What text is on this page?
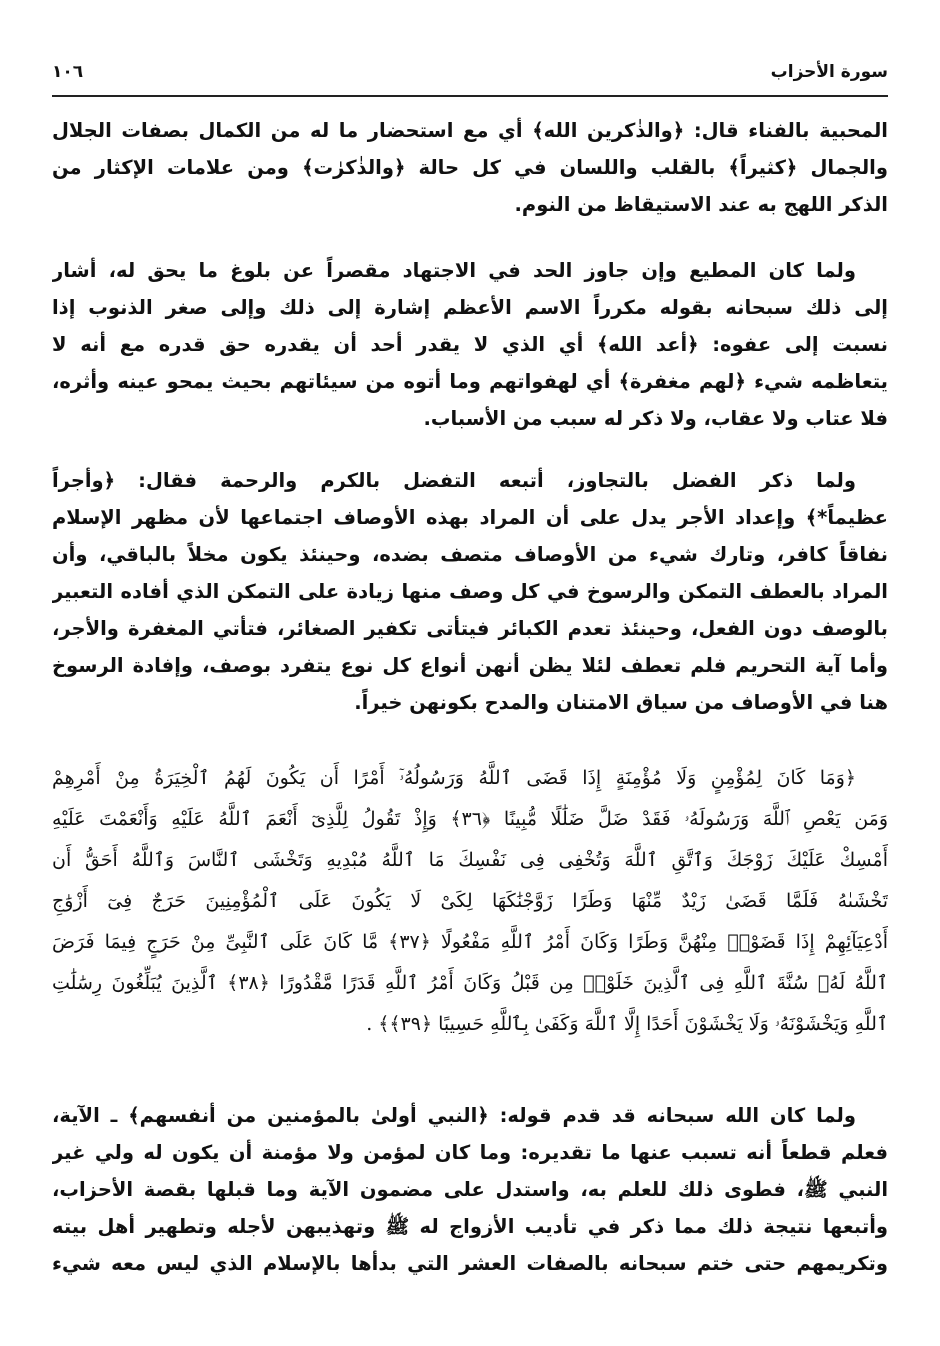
سورة الأحزاب
١٠٦
المحبية بالفناء قال: ﴿والذٰكرين الله﴾ أي مع استحضار ما له من الكمال بصفات الجلال
والجمال ﴿كثيراً﴾ بالقلب واللسان في كل حالة ﴿والذٰكرٰت﴾ ومن علامات الإكثار من
الذكر اللهج به عند الاستيقاظ من النوم.
ولما كان المطيع وإن جاوز الحد في الاجتهاد مقصراً عن بلوغ ما يحق له، أشار
إلى ذلك سبحانه بقوله مكرراً الاسم الأعظم إشارة إلى ذلك وإلى صغر الذنوب إذا
نسبت إلى عفوه: ﴿أعد الله﴾ أي الذي لا يقدر أحد أن يقدره حق قدره مع أنه لا
يتعاظمه شيء ﴿لهم مغفرة﴾ أي لهفواتهم وما أتوه من سيئاتهم بحيث يمحو عينه وأثره،
فلا عتاب ولا عقاب، ولا ذكر له سبب من الأسباب.
ولما ذكر الفضل بالتجاوز، أتبعه التفضل بالكرم والرحمة فقال: ﴿وأجراً
عظيماً*﴾ وإعداد الأجر يدل على أن المراد بهذه الأوصاف اجتماعها لأن مظهر الإسلام
نفاقاً كافر، وتارك شيء من الأوصاف متصف بضده، وحينئذ يكون مخلاً بالباقي، وأن
المراد بالعطف التمكن والرسوخ في كل وصف منها زيادة على التمكن الذي أفاده التعبير
بالوصف دون الفعل، وحينئذ تعدم الكبائر فيتأتى تكفير الصغائر، فتأتي المغفرة والأجر،
وأما آية التحريم فلم تعطف لئلا يظن أنهن أنواع كل نوع يتفرد بوصف، وإفادة الرسوخ
هنا في الأوصاف من سياق الامتنان والمدح بكونهن خيراً.
﴿وَمَا كَانَ لِمُؤْمِنٍ وَلَا مُؤْمِنَةٍ إِذَا قَضَى ٱللَّهُ وَرَسُولُهُۥٓ أَمْرًا أَن يَكُونَ لَهُمُ ٱلْخِيَرَةُ مِنْ أَمْرِهِمْ
وَمَن يَعْصِ ٱللَّهَ وَرَسُولَهُۥ فَقَدْ ضَلَّ ضَلَٰلًا مُّبِينًا ﴿٣٦﴾ وَإِذْ تَقُولُ لِلَّذِىٓ أَنْعَمَ ٱللَّهُ عَلَيْهِ وَأَنْعَمْتَ عَلَيْهِ
أَمْسِكْ عَلَيْكَ زَوْجَكَ وَٱتَّقِ ٱللَّهَ وَتُخْفِى فِى نَفْسِكَ مَا ٱللَّهُ مُبْدِيهِ وَتَخْشَى ٱلنَّاسَ وَٱللَّهُ أَحَقُّ أَن
تَخْشَىٰهُ فَلَمَّا قَضَىٰ زَيْدٌ مِّنْهَا وَطَرًا زَوَّجْنَٰكَهَا لِكَىْ لَا يَكُونَ عَلَى ٱلْمُؤْمِنِينَ حَرَجٌ فِىٓ أَزْوَٰجِ
أَدْعِيَآئِهِمْ إِذَا قَضَوْا۟ مِنْهُنَّ وَطَرًا وَكَانَ أَمْرُ ٱللَّهِ مَفْعُولًا ﴿٣٧﴾ مَّا كَانَ عَلَى ٱلنَّبِىِّ مِنْ حَرَجٍ فِيمَا فَرَضَ
ٱللَّهُ لَهُۥ سُنَّةَ ٱللَّهِ فِى ٱلَّذِينَ خَلَوْا۟ مِن قَبْلُ وَكَانَ أَمْرُ ٱللَّهِ قَدَرًا مَّقْدُورًا ﴿٣٨﴾ ٱلَّذِينَ يُبَلِّغُونَ رِسَٰلَٰتِ
ٱللَّهِ وَيَخْشَوْنَهُۥ وَلَا يَخْشَوْنَ أَحَدًا إِلَّا ٱللَّهَ وَكَفَىٰ بِٱللَّهِ حَسِيبًا ﴿٣٩﴾﴾ .
ولما كان الله سبحانه قد قدم قوله: ﴿النبي أولىٰ بالمؤمنين من أنفسهم﴾ ـ الآية،
فعلم قطعاً أنه تسبب عنها ما تقديره: وما كان لمؤمن ولا مؤمنة أن يكون له ولي غير
النبي ﷺ، فطوى ذلك للعلم به، واستدل على مضمون الآية وما قبلها بقصة الأحزاب،
وأتبعها نتيجة ذلك مما ذكر في تأديب الأزواج له ﷺ وتهذيبهن لأجله وتطهير أهل بيته
وتكريمهم حتى ختم سبحانه بالصفات العشر التي بدأها بالإسلام الذي ليس معه شيء
